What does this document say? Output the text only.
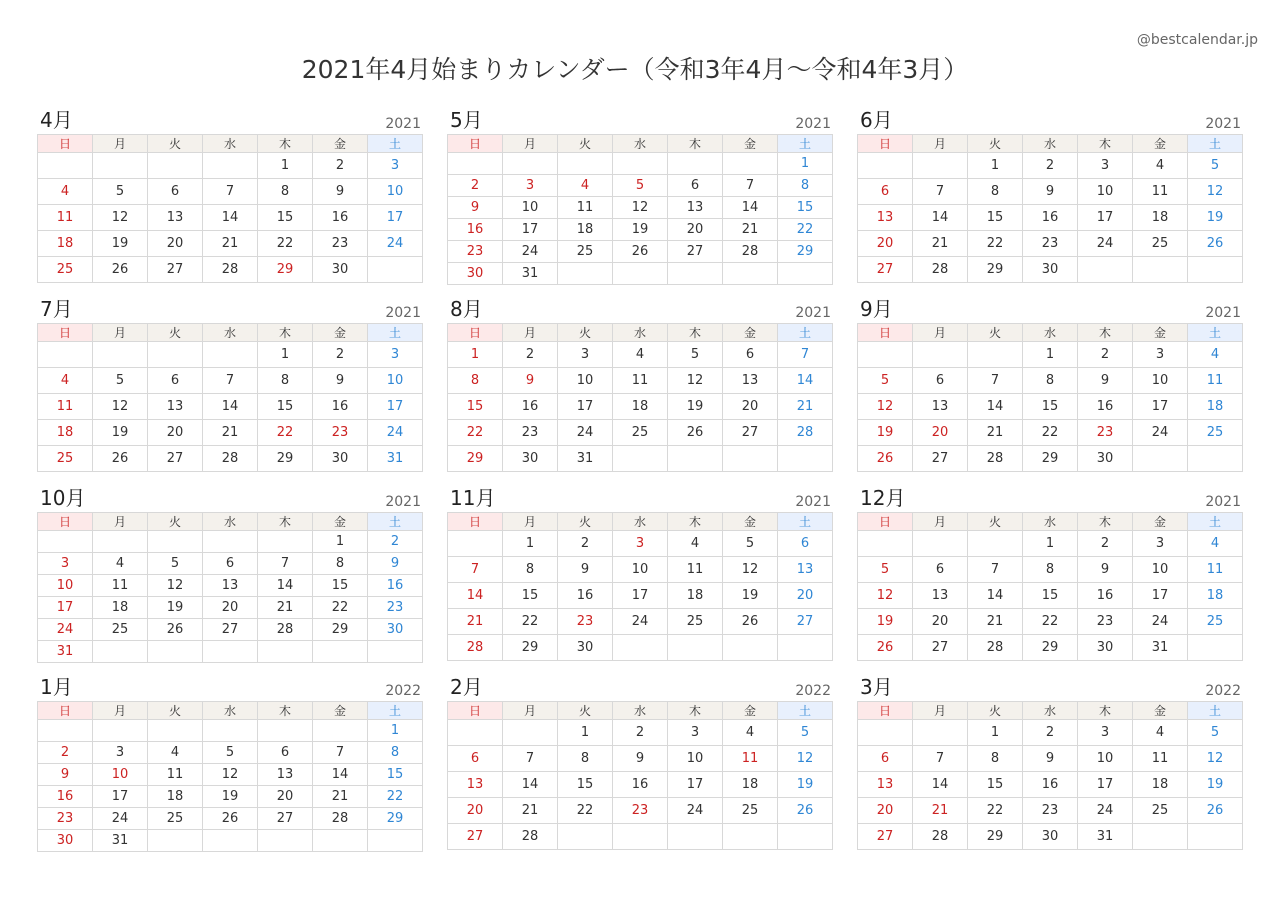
@bestcalendar.jp
2021年4月始まりカレンダー（令和3年4月〜令和4年3月）
4月	2021
日	月	火	水	木	金	土
				1	2	3
4	5	6	7	8	9	10
11	12	13	14	15	16	17
18	19	20	21	22	23	24
25	26	27	28	29	30	
5月	2021
日	月	火	水	木	金	土
						1
2	3	4	5	6	7	8
9	10	11	12	13	14	15
16	17	18	19	20	21	22
23	24	25	26	27	28	29
30	31					
6月	2021
日	月	火	水	木	金	土
		1	2	3	4	5
6	7	8	9	10	11	12
13	14	15	16	17	18	19
20	21	22	23	24	25	26
27	28	29	30			
7月	2021
日	月	火	水	木	金	土
				1	2	3
4	5	6	7	8	9	10
11	12	13	14	15	16	17
18	19	20	21	22	23	24
25	26	27	28	29	30	31
8月	2021
日	月	火	水	木	金	土
1	2	3	4	5	6	7
8	9	10	11	12	13	14
15	16	17	18	19	20	21
22	23	24	25	26	27	28
29	30	31				
9月	2021
日	月	火	水	木	金	土
			1	2	3	4
5	6	7	8	9	10	11
12	13	14	15	16	17	18
19	20	21	22	23	24	25
26	27	28	29	30		
10月	2021
日	月	火	水	木	金	土
					1	2
3	4	5	6	7	8	9
10	11	12	13	14	15	16
17	18	19	20	21	22	23
24	25	26	27	28	29	30
31						
11月	2021
日	月	火	水	木	金	土
	1	2	3	4	5	6
7	8	9	10	11	12	13
14	15	16	17	18	19	20
21	22	23	24	25	26	27
28	29	30				
12月	2021
日	月	火	水	木	金	土
			1	2	3	4
5	6	7	8	9	10	11
12	13	14	15	16	17	18
19	20	21	22	23	24	25
26	27	28	29	30	31	
1月	2022
日	月	火	水	木	金	土
						1
2	3	4	5	6	7	8
9	10	11	12	13	14	15
16	17	18	19	20	21	22
23	24	25	26	27	28	29
30	31					
2月	2022
日	月	火	水	木	金	土
		1	2	3	4	5
6	7	8	9	10	11	12
13	14	15	16	17	18	19
20	21	22	23	24	25	26
27	28					
3月	2022
日	月	火	水	木	金	土
		1	2	3	4	5
6	7	8	9	10	11	12
13	14	15	16	17	18	19
20	21	22	23	24	25	26
27	28	29	30	31		
